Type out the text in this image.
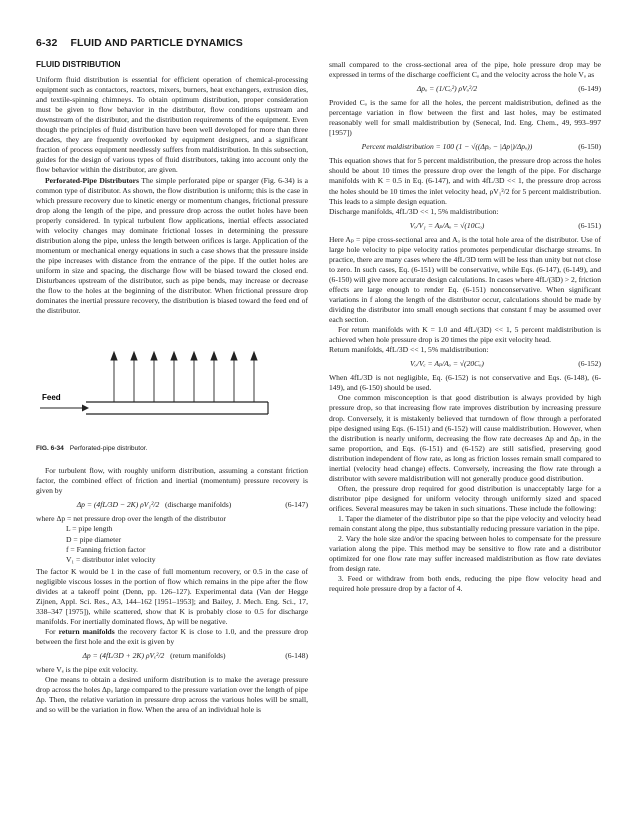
6-32 FLUID AND PARTICLE DYNAMICS
FLUID DISTRIBUTION

Uniform fluid distribution is essential for efficient operation of chemical-processing equipment such as contactors, reactors, mixers, burners, heat exchangers, extrusion dies, and textile-spinning chimneys. To obtain optimum distribution, proper consideration must be given to flow behavior in the distributor, flow conditions upstream and downstream of the distributor, and the distribution requirements of the equipment. Even though the principles of fluid distribution have been well developed for more than three decades, they are frequently overlooked by equipment designers, and a significant fraction of process equipment needlessly suffers from maldistribution. In this subsection, guides for the design of various types of fluid distributors, taking into account only the flow behavior within the distributor, are given.

Perforated-Pipe Distributors The simple perforated pipe or sparger (Fig. 6-34) is a common type of distributor. As shown, the flow distribution is uniform; this is the case in which pressure recovery due to kinetic energy or momentum changes, frictional pressure drop along the length of the pipe, and pressure drop across the outlet holes have been properly considered. In typical turbulent flow applications, inertial effects associated with velocity changes may dominate frictional losses in determining the pressure distribution along the pipe, unless the length between orifices is large. Application of the momentum or mechanical energy equations in such a case shows that the pressure inside the pipe increases with distance from the entrance of the pipe. If the outlet holes are uniform in size and spacing, the discharge flow will be biased toward the closed end. Disturbances upstream of the distributor, such as pipe bends, may increase or decrease the flow to the holes at the beginning of the distributor. When frictional pressure drop dominates the inertial pressure recovery, the distribution is biased toward the feed end of the distributor.

Feed
FIG. 6-34 Perforated-pipe distributor.

For turbulent flow, with roughly uniform distribution, assuming a constant friction factor, the combined effect of friction and inertial (momentum) pressure recovery is given by

Δp = (4fL/3D − 2K) ρV₁²/2 (discharge manifolds)	(6-147)
where Δp = net pressure drop over the length of the distributor
L = pipe length
D = pipe diameter
f = Fanning friction factor
V₁ = distributor inlet velocity

The factor K would be 1 in the case of full momentum recovery, or 0.5 in the case of negligible viscous losses in the portion of flow which remains in the pipe after the flow divides at a takeoff point (Denn, pp. 126–127). Experimental data (Van der Hegge Zijnen, Appl. Sci. Res., A3, 144–162 [1951–1953]; and Bailey, J. Mech. Eng. Sci., 17, 338–347 [1975]), while scattered, show that K is probably close to 0.5 for discharge manifolds. For inertially dominated flows, Δp will be negative.

For return manifolds the recovery factor K is close to 1.0, and the pressure drop between the first hole and the exit is given by

Δp = (4fL/3D + 2K) ρVₑ²/2 (return manifolds)	(6-148)

where Vₑ is the pipe exit velocity.

One means to obtain a desired uniform distribution is to make the average pressure drop across the holes Δpₒ large compared to the pressure variation over the length of pipe Δp. Then, the relative variation in pressure drop across the various holes will be small, and so will be the variation in flow. When the area of an individual hole is

small compared to the cross-sectional area of the pipe, hole pressure drop may be expressed in terms of the discharge coefficient Cₒ and the velocity across the hole Vₒ as

Δpₒ = (1/Cₒ²) ρVₒ²/2	(6-149)

Provided Cₒ is the same for all the holes, the percent maldistribution, defined as the percentage variation in flow between the first and last holes, may be estimated reasonably well for small maldistribution by (Senecal, Ind. Eng. Chem., 49, 993–997 [1957])

Percent maldistribution = 100 (1 − √((Δpₒ − |Δp|)/Δpₒ))	(6-150)

This equation shows that for 5 percent maldistribution, the pressure drop across the holes should be about 10 times the pressure drop over the length of the pipe. For discharge manifolds with K = 0.5 in Eq. (6-147), and with 4fL/3D << 1, the pressure drop across the holes should be 10 times the inlet velocity head, ρV₁²/2 for 5 percent maldistribution. This leads to a simple design equation.

Discharge manifolds, 4fL/3D << 1, 5% maldistribution:

Vₒ/V₁ = Aₚ/Aₒ = √(10Cₒ)	(6-151)

Here Aₚ = pipe cross-sectional area and Aₒ is the total hole area of the distributor. Use of large hole velocity to pipe velocity ratios promotes perpendicular discharge streams. In practice, there are many cases where the 4fL/3D term will be less than unity but not close to zero. In such cases, Eq. (6-151) will be conservative, while Eqs. (6-147), (6-149), and (6-150) will give more accurate design calculations. In cases where 4fL/(3D) > 2, friction effects are large enough to render Eq. (6-151) nonconservative. When significant variations in f along the length of the distributor occur, calculations should be made by dividing the distributor into small enough sections that constant f may be assumed over each section.

For return manifolds with K = 1.0 and 4fL/(3D) << 1, 5 percent maldistribution is achieved when hole pressure drop is 20 times the pipe exit velocity head.

Return manifolds, 4fL/3D << 1, 5% maldistribution:

Vₒ/Vₑ = Aₚ/Aₒ = √(20Cₒ)	(6-152)

When 4fL/3D is not negligible, Eq. (6-152) is not conservative and Eqs. (6-148), (6-149), and (6-150) should be used.

One common misconception is that good distribution is always provided by high pressure drop, so that increasing flow rate improves distribution by increasing pressure drop. Conversely, it is mistakenly believed that turndown of flow through a perforated pipe designed using Eqs. (6-151) and (6-152) will cause maldistribution. However, when the distribution is nearly uniform, decreasing the flow rate decreases Δp and Δpₒ in the same proportion, and Eqs. (6-151) and (6-152) are still satisfied, preserving good distribution independent of flow rate, as long as friction losses remain small compared to inertial (velocity head change) effects. Conversely, increasing the flow rate through a distributor with severe maldistribution will not generally produce good distribution.

Often, the pressure drop required for good distribution is unacceptably large for a distributor pipe designed for uniform velocity through uniformly sized and spaced orifices. Several measures may be taken in such situations. These include the following:

1. Taper the diameter of the distributor pipe so that the pipe velocity and velocity head remain constant along the pipe, thus substantially reducing pressure variation in the pipe.

2. Vary the hole size and/or the spacing between holes to compensate for the pressure variation along the pipe. This method may be sensitive to flow rate and a distributor optimized for one flow rate may suffer increased maldistribution as flow rate deviates from design rate.

3. Feed or withdraw from both ends, reducing the pipe flow velocity head and required hole pressure drop by a factor of 4.
